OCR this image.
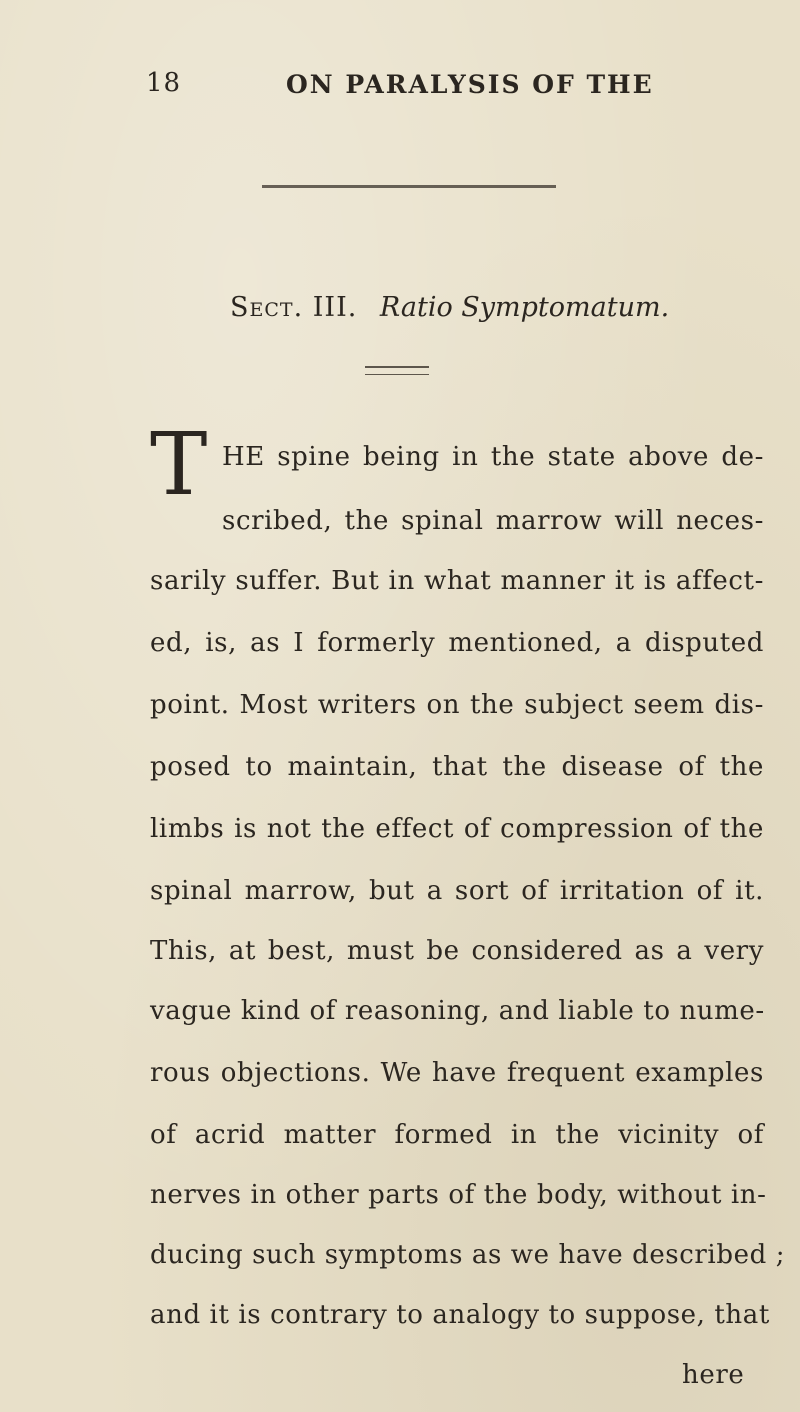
18	ON PARALYSIS OF THE
Sect. III. Ratio Symptomatum.
T HE spine being in the state above de-
scribed, the spinal marrow will neces-
sarily suffer. But in what manner it is affect-
ed, is, as I formerly mentioned, a disputed
point. Most writers on the subject seem dis-
posed to maintain, that the disease of the
limbs is not the effect of compression of the
spinal marrow, but a sort of irritation of it.
This, at best, must be considered as a very
vague kind of reasoning, and liable to nume-
rous objections. We have frequent examples
of acrid matter formed in the vicinity of
nerves in other parts of the body, without in-
ducing such symptoms as we have described ;
and it is contrary to analogy to suppose, that
here
